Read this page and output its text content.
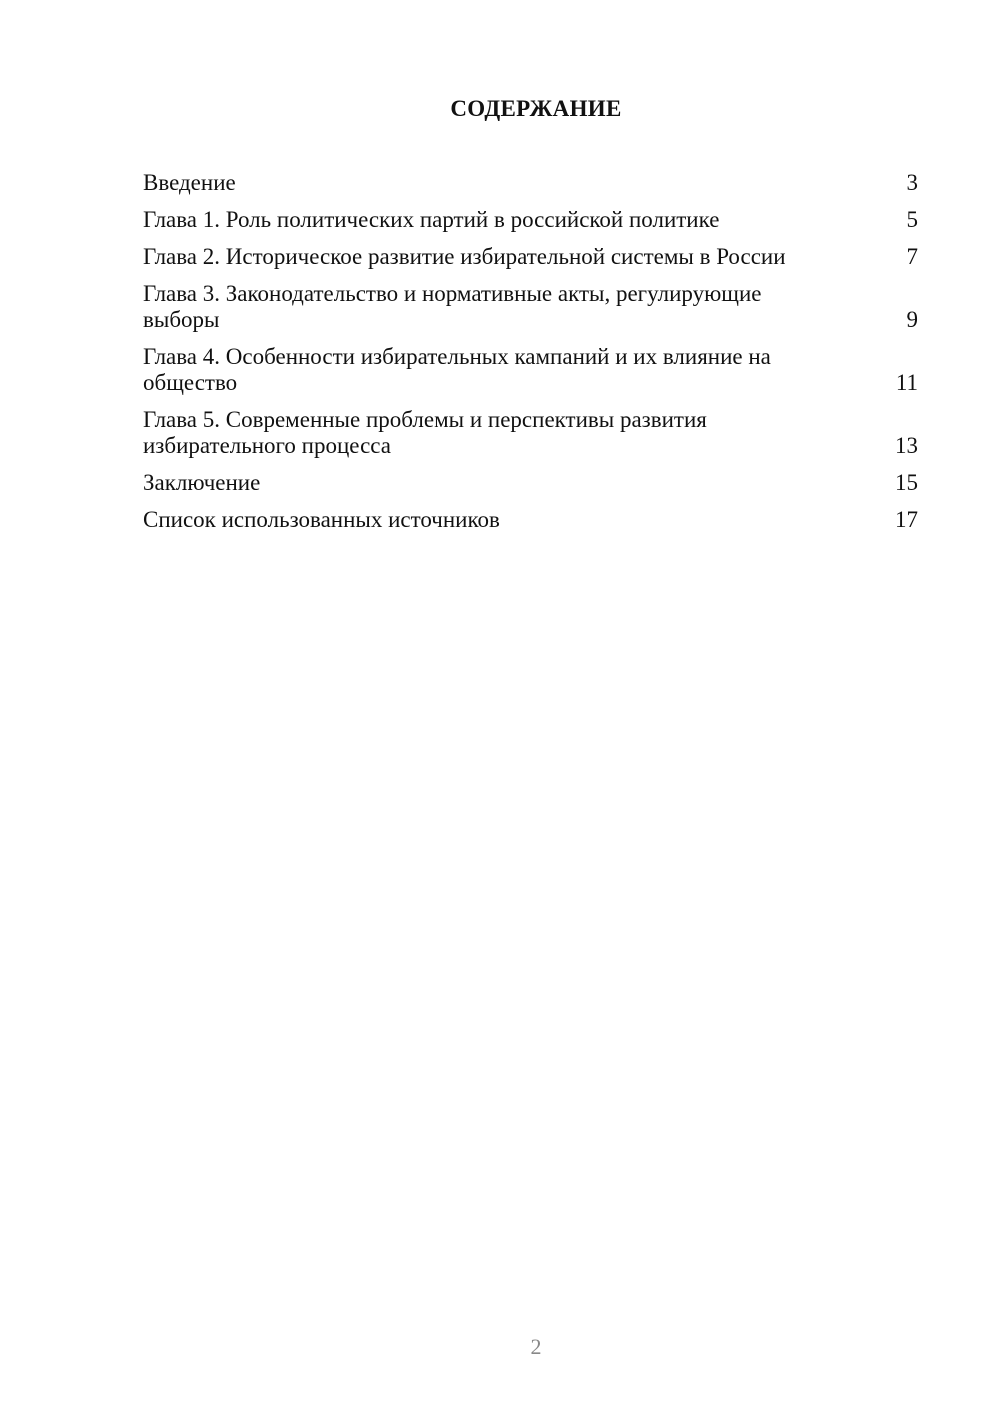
СОДЕРЖАНИЕ
Введение	3
Глава 1. Роль политических партий в российской политике	5
Глава 2. Историческое развитие избирательной системы в России	7
Глава 3. Законодательство и нормативные акты, регулирующие выборы	9
Глава 4. Особенности избирательных кампаний и их влияние на общество	11
Глава 5. Современные проблемы и перспективы развития избирательного процесса	13
Заключение	15
Список использованных источников	17
2
